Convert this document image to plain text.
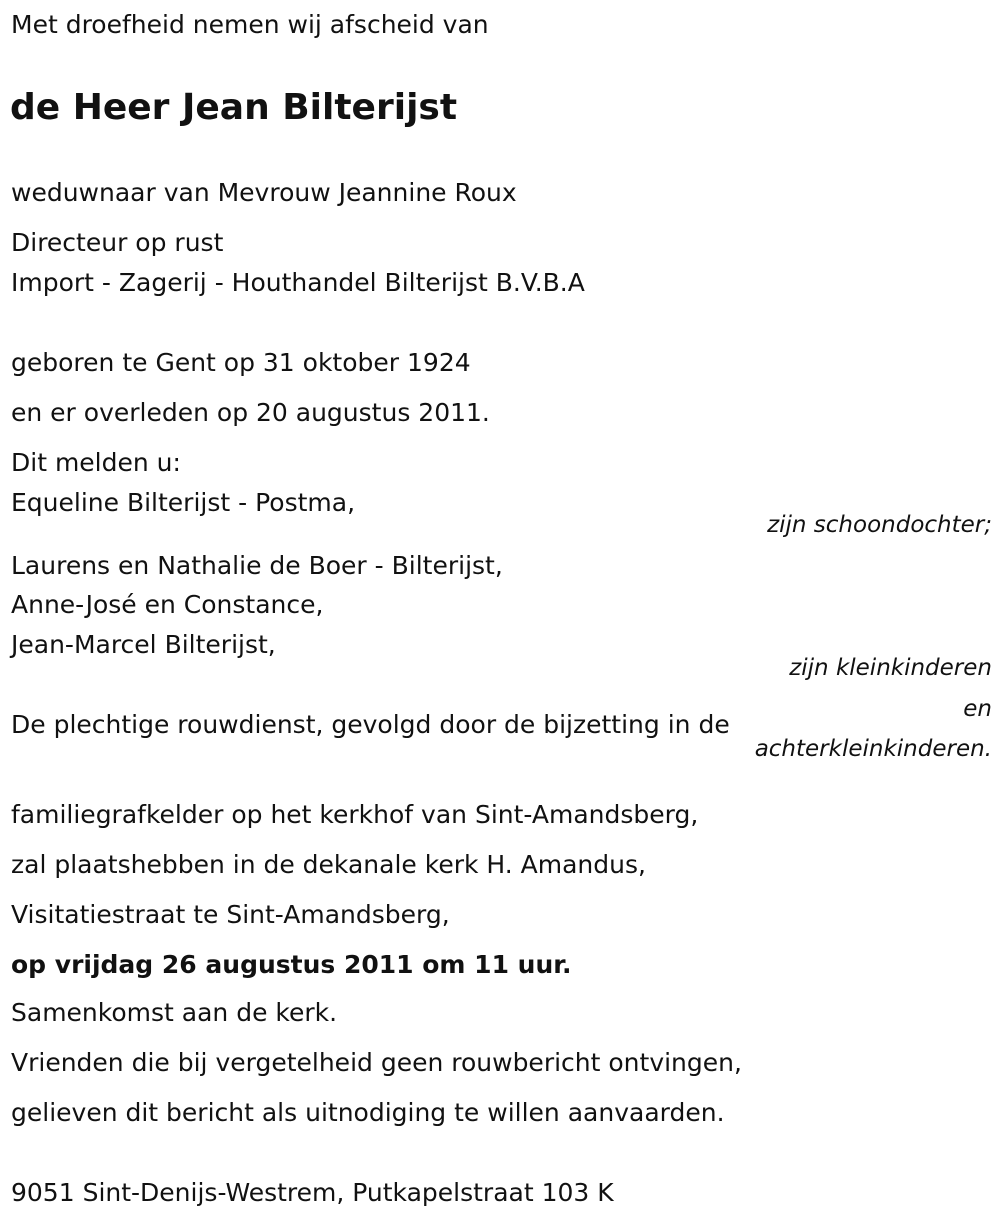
Met droefheid nemen wij afscheid van

de Heer Jean Bilterijst

weduwnaar van Mevrouw Jeannine Roux

Directeur op rust

Import - Zagerij - Houthandel Bilterijst B.V.B.A

geboren te Gent op 31 oktober 1924

en er overleden op 20 augustus 2011.

Dit melden u:

Equeline Bilterijst - Postma,

zijn schoondochter;

Laurens en Nathalie de Boer - Bilterijst,

Anne-José en Constance,

Jean-Marcel Bilterijst,

zijn kleinkinderen
en
achterkleinkinderen.
De plechtige rouwdienst, gevolgd door de bijzetting in de

familiegrafkelder op het kerkhof van Sint-Amandsberg,

zal plaatshebben in de dekanale kerk H. Amandus,

Visitatiestraat te Sint-Amandsberg,

op vrijdag 26 augustus 2011 om 11 uur.

Samenkomst aan de kerk.

Vrienden die bij vergetelheid geen rouwbericht ontvingen,

gelieven dit bericht als uitnodiging te willen aanvaarden.

9051 Sint-Denijs-Westrem, Putkapelstraat 103 K
